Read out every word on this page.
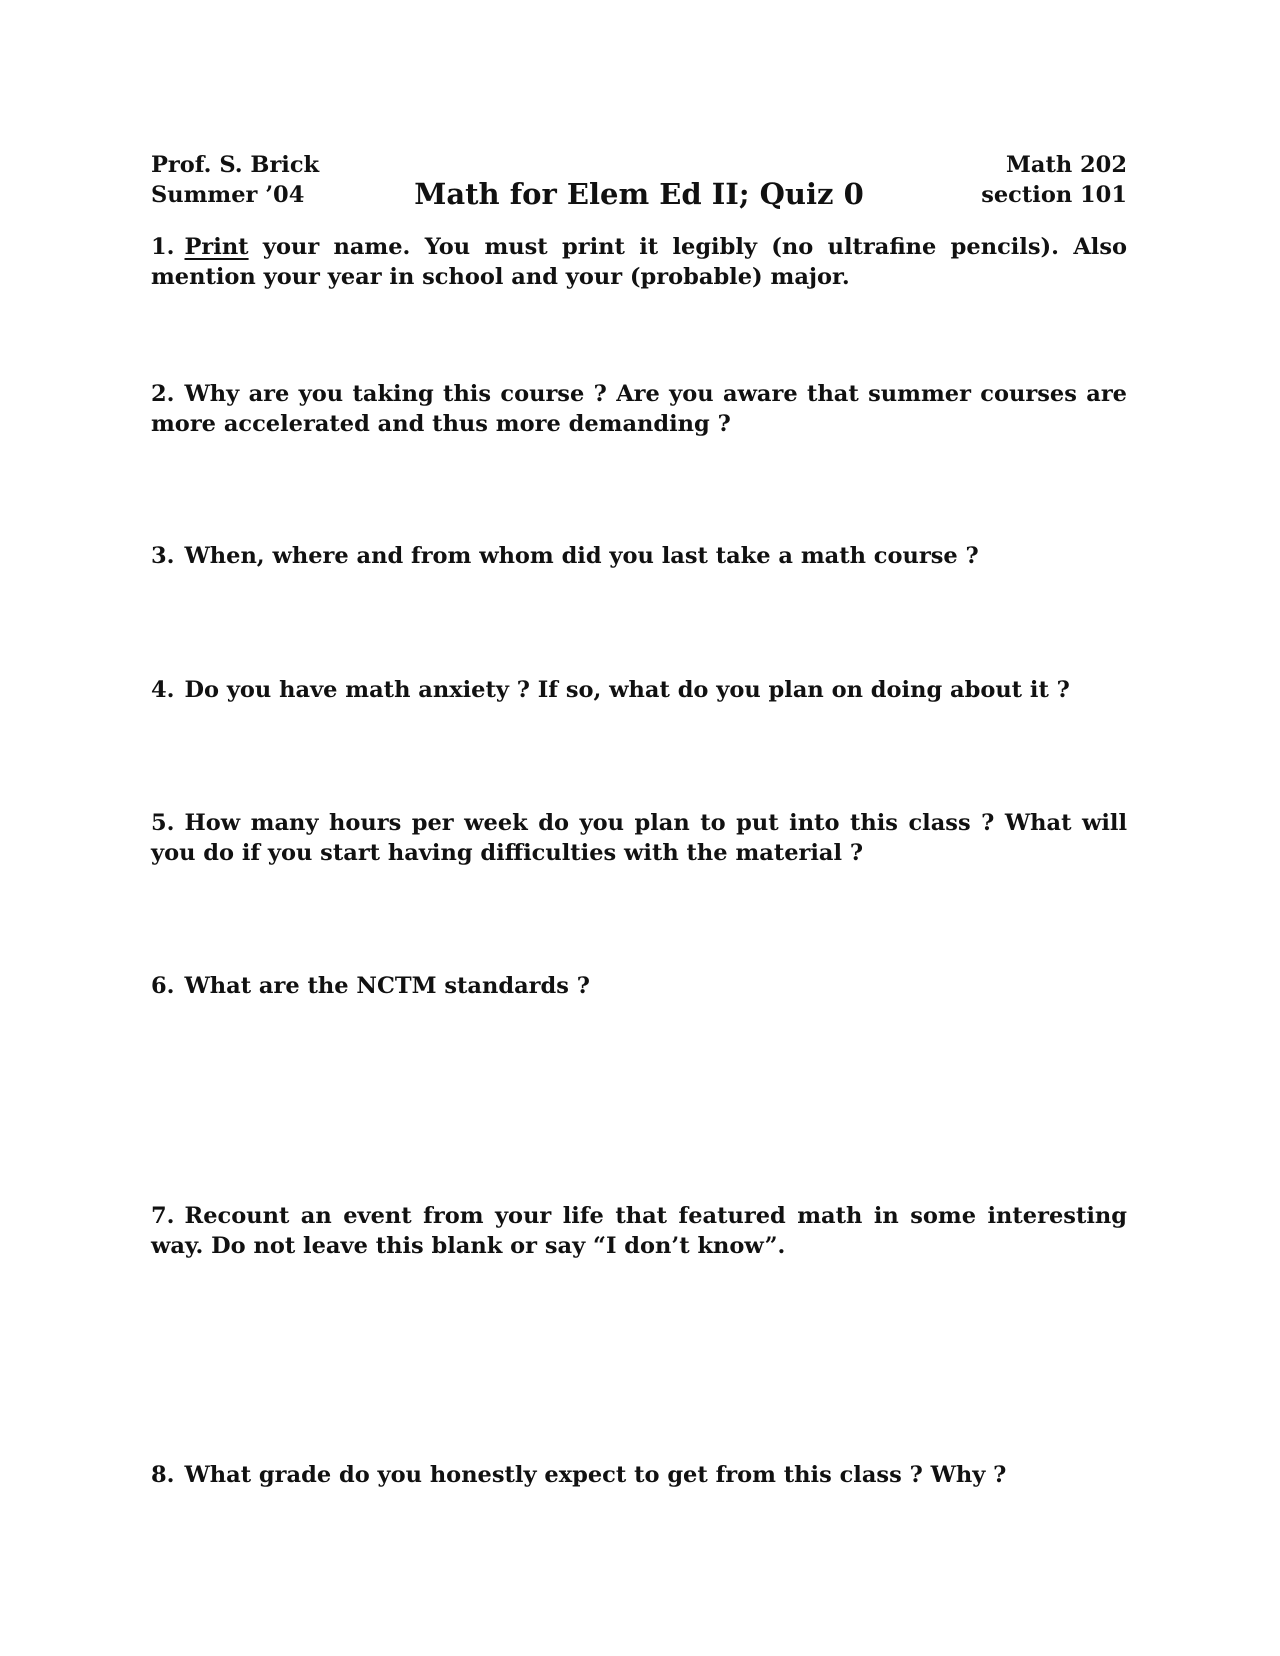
Prof. S. Brick
Summer ’04	Math for Elem Ed II; Quiz 0
Math 202
section 101
1. Print your name. You must print it legibly (no ultrafine pencils). Also mention your year in school and your (probable) major.
2. Why are you taking this course ? Are you aware that summer courses are more accelerated and thus more demanding ?
3. When, where and from whom did you last take a math course ?
4. Do you have math anxiety ? If so, what do you plan on doing about it ?
5. How many hours per week do you plan to put into this class ? What will you do if you start having difficulties with the material ?
6. What are the NCTM standards ?
7. Recount an event from your life that featured math in some interesting way. Do not leave this blank or say “I don’t know”.
8. What grade do you honestly expect to get from this class ? Why ?
